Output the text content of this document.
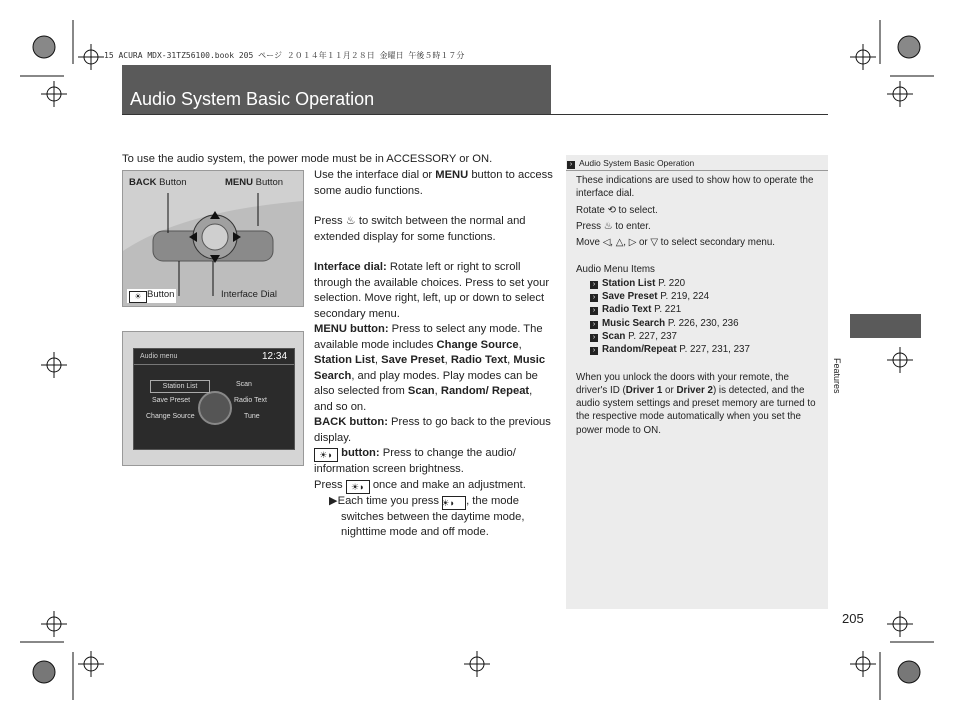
15 ACURA MDX-31TZ56100.book 205 ページ ２０１４年１１月２８日 金曜日 午後５時１７分
Audio System Basic Operation
To use the audio system, the power mode must be in ACCESSORY or ON.
BACK Button	MENU Button
☀ Button	Interface Dial
Audio menu	12:34
Station List	Scan
Save Preset	Radio Text
Change Source	Tune

Use the interface dial or MENU button to access some audio functions.

Press ♨ to switch between the normal and extended display for some functions.

Interface dial: Rotate left or right to scroll through the available choices. Press to set your selection. Move right, left, up or down to select secondary menu.

MENU button: Press to select any mode. The available mode includes Change Source, Station List, Save Preset, Radio Text, Music Search, and play modes. Play modes can be also selected from Scan, Random/ Repeat, and so on.

BACK button: Press to go back to the previous display.

☀◗ button: Press to change the audio/ information screen brightness.

Press ☀◗ once and make an adjustment.

▶Each time you press ☀◗ , the mode switches between the daytime mode, nighttime mode and off mode.

› Audio System Basic Operation
These indications are used to show how to operate the interface dial.
Rotate ⟲ to select.
Press ♨ to enter.
Move ◁, △, ▷ or ▽ to select secondary menu.
Audio Menu Items
› Station List P. 220
› Save Preset P. 219, 224
› Radio Text P. 221
› Music Search P. 226, 230, 236
› Scan P. 227, 237
› Random/Repeat P. 227, 231, 237
When you unlock the doors with your remote, the driver's ID (Driver 1 or Driver 2) is detected, and the audio system settings and preset memory are turned to the respective mode automatically when you set the power mode to ON.
Features
205
